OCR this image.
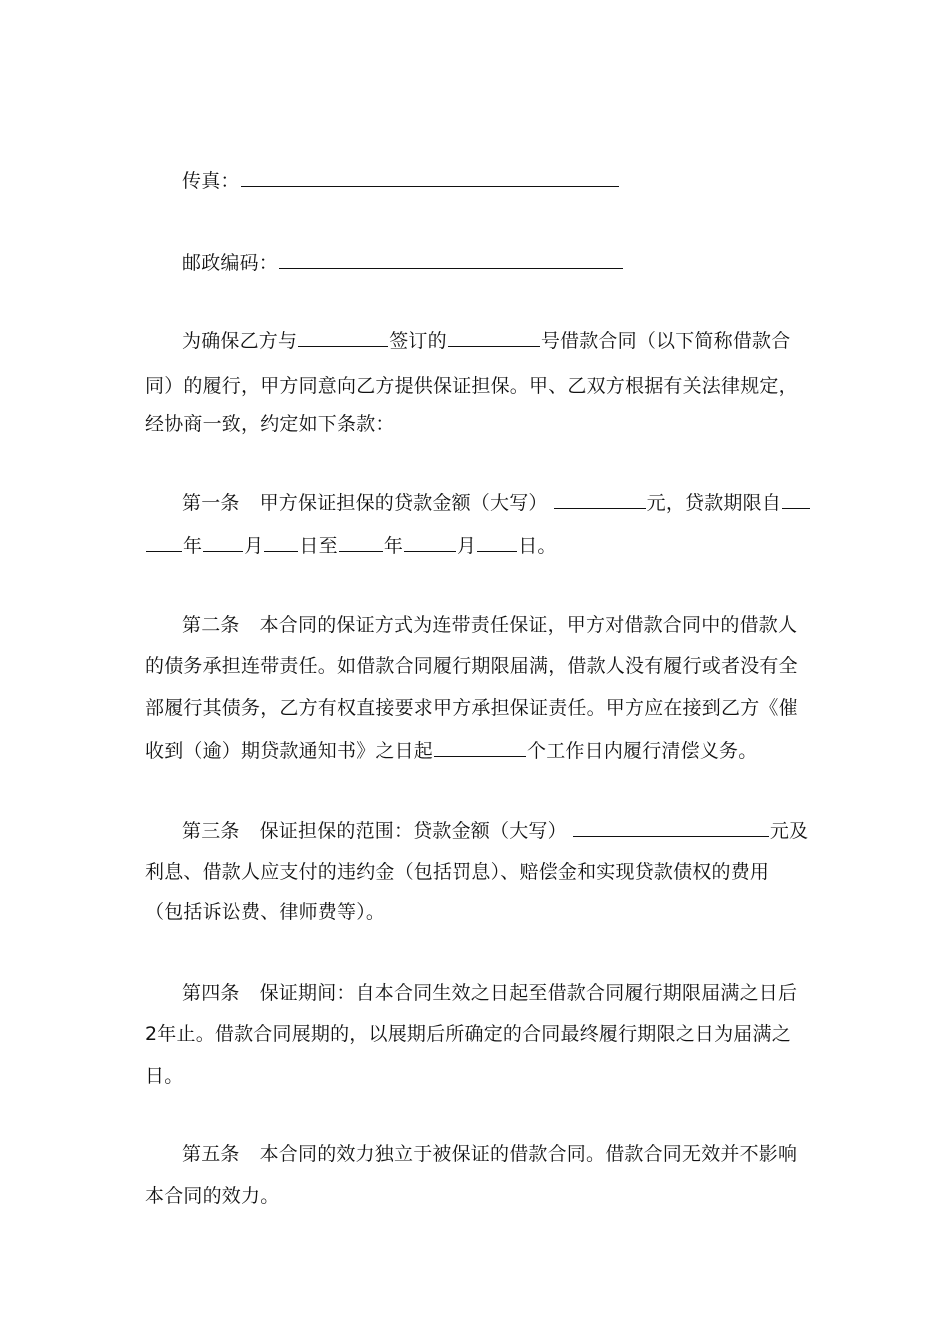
传真：
邮政编码：
为确保乙方与	签订的	号借款合同（以下简称借款合
同）的履行，甲方同意向乙方提供保证担保。甲、乙双方根据有关法律规定，
经协商一致，约定如下条款：
第一条 甲方保证担保的贷款金额（大写）	元，贷款期限自
年 月 日至 年	月 日。
第二条 本合同的保证方式为连带责任保证，甲方对借款合同中的借款人
的债务承担连带责任。如借款合同履行期限届满，借款人没有履行或者没有全
部履行其债务，乙方有权直接要求甲方承担保证责任。甲方应在接到乙方《催
收到（逾）期贷款通知书》之日起	个工作日内履行清偿义务。
第三条 保证担保的范围：贷款金额（大写）	元及
利息、借款人应支付的违约金（包括罚息）、赔偿金和实现贷款债权的费用
（包括诉讼费、律师费等）。
第四条 保证期间：自本合同生效之日起至借款合同履行期限届满之日后
2年止。借款合同展期的，以展期后所确定的合同最终履行期限之日为届满之
日。
第五条 本合同的效力独立于被保证的借款合同。借款合同无效并不影响
本合同的效力。
